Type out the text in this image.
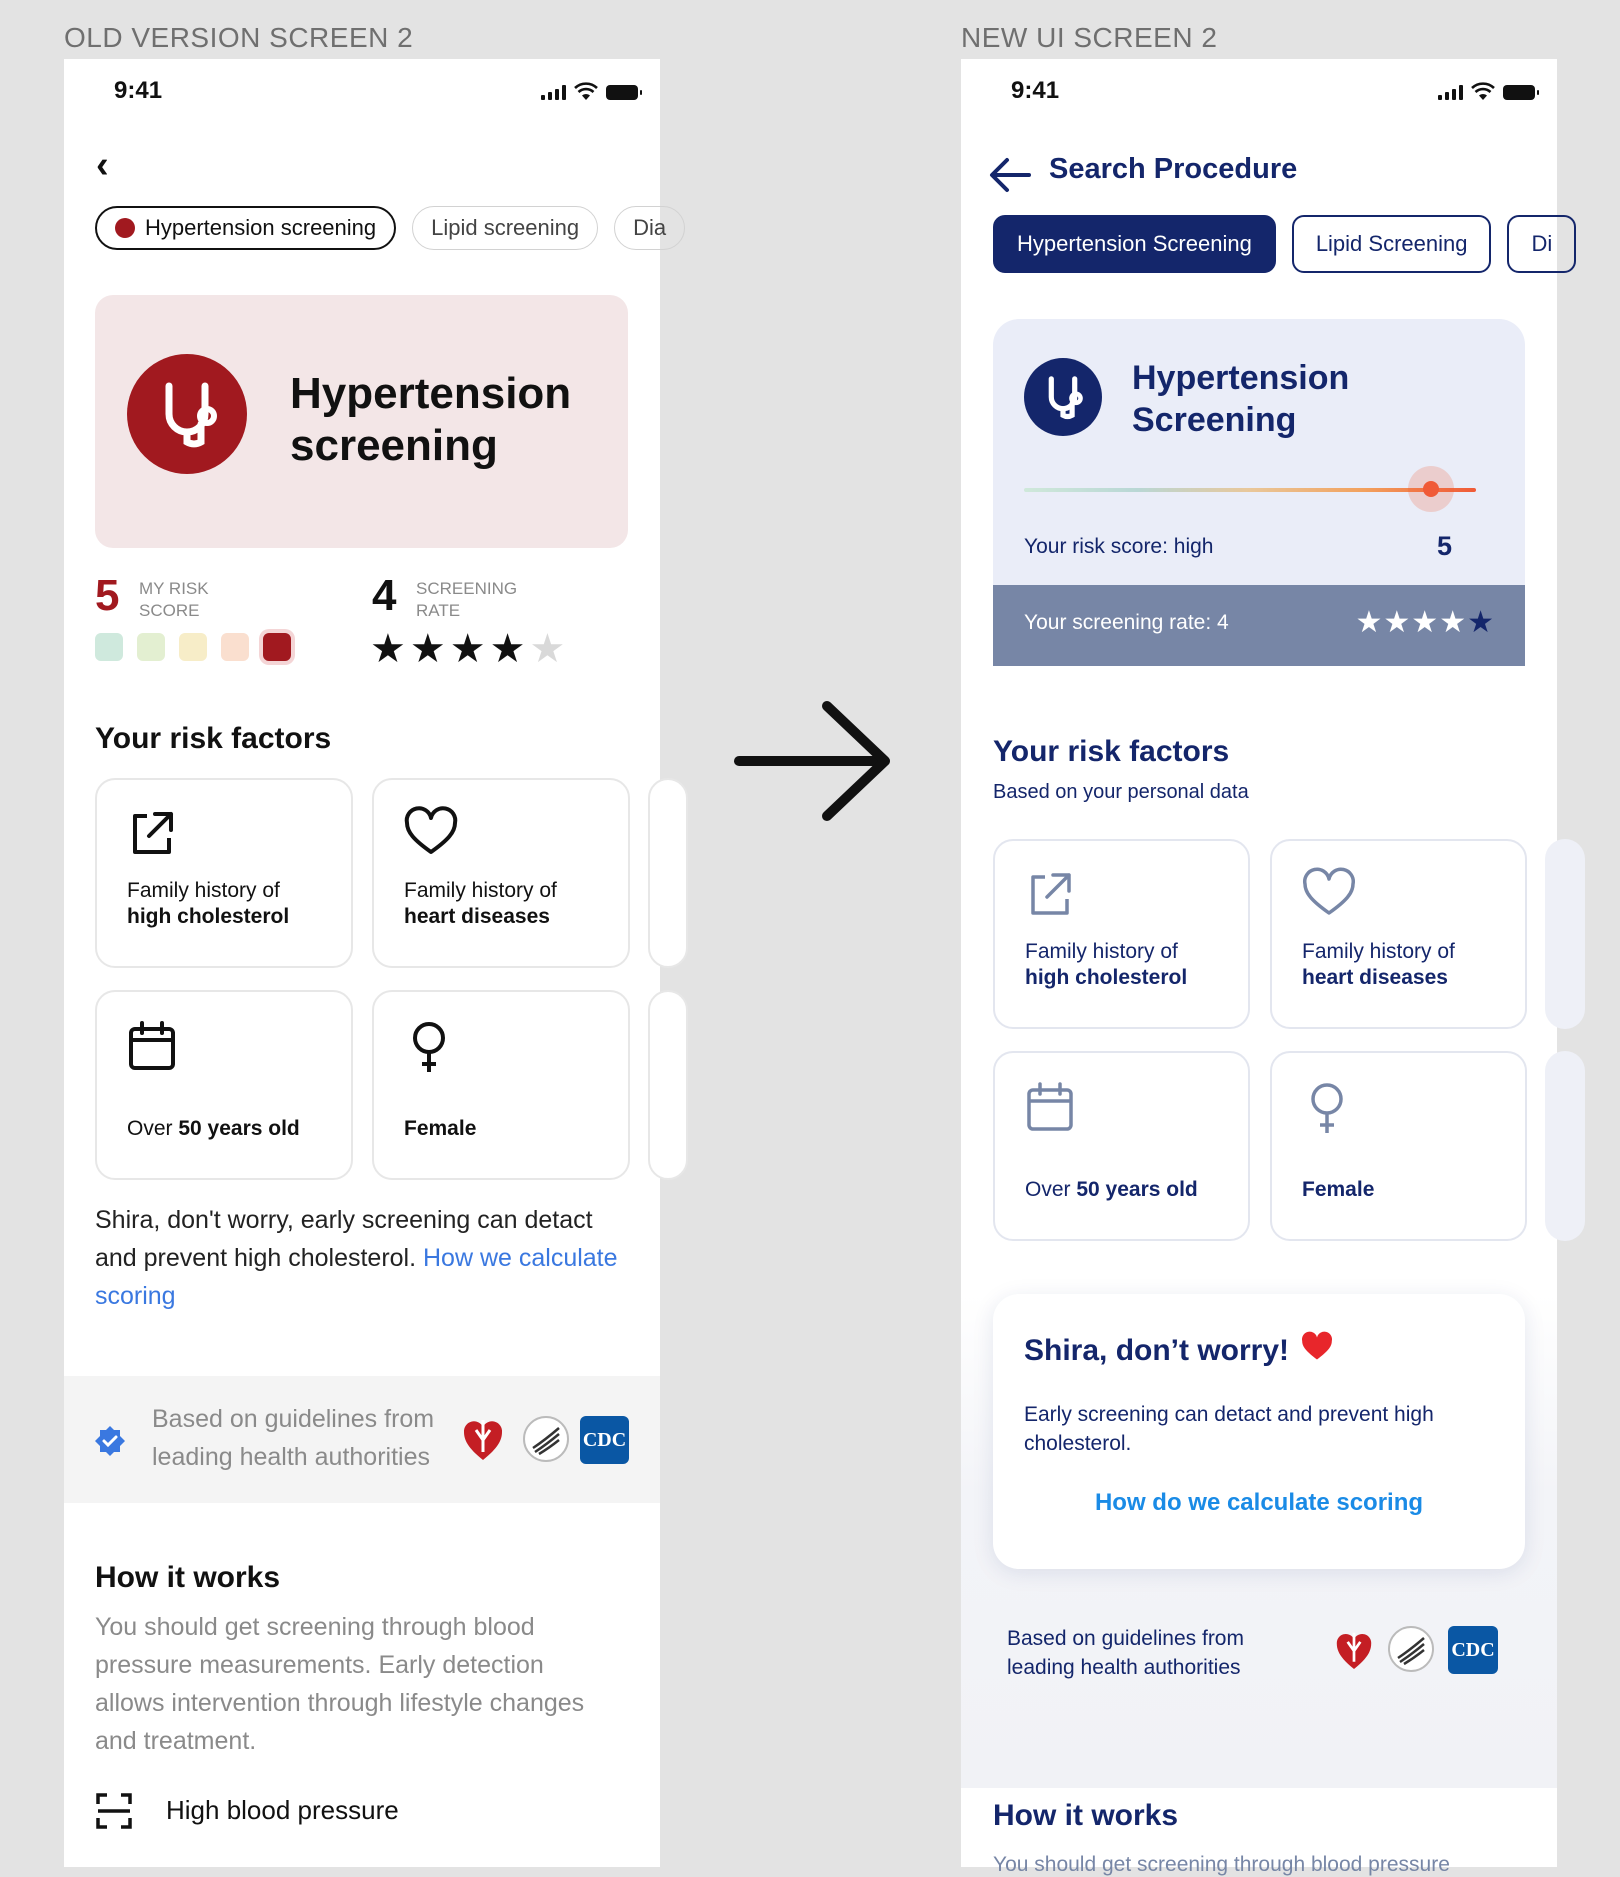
OLD VERSION SCREEN 2	NEW UI SCREEN 2
9:41
‹
Hypertension screening	Lipid screening Dia
Hypertension
screening
5 MY RISK
SCORE	4 SCREENING
RATE
★ ★ ★ ★ ★
Your risk factors
Family history of
high cholesterol
Family history of
heart diseases
Over 50 years old	Female
Shira, don't worry, early screening can detact and prevent high cholesterol. How we calculate scoring
Based on guidelines from leading health authorities
CDC
How it works
You should get screening through blood pressure measurements. Early detection allows intervention through lifestyle changes and treatment.
High blood pressure
9:41
Search Procedure
Hypertension Screening	Lipid Screening	Di
Hypertension
Screening
Your risk score: high	5
Your screening rate: 4	★★★★★
Your risk factors
Based on your personal data
Family history of
high cholesterol
Family history of
heart diseases
Over 50 years old	Female
Shira, don’t worry!
Early screening can detact and prevent high cholesterol.
How do we calculate scoring
Based on guidelines from
leading health authorities
CDC
How it works
You should get screening through blood pressure
